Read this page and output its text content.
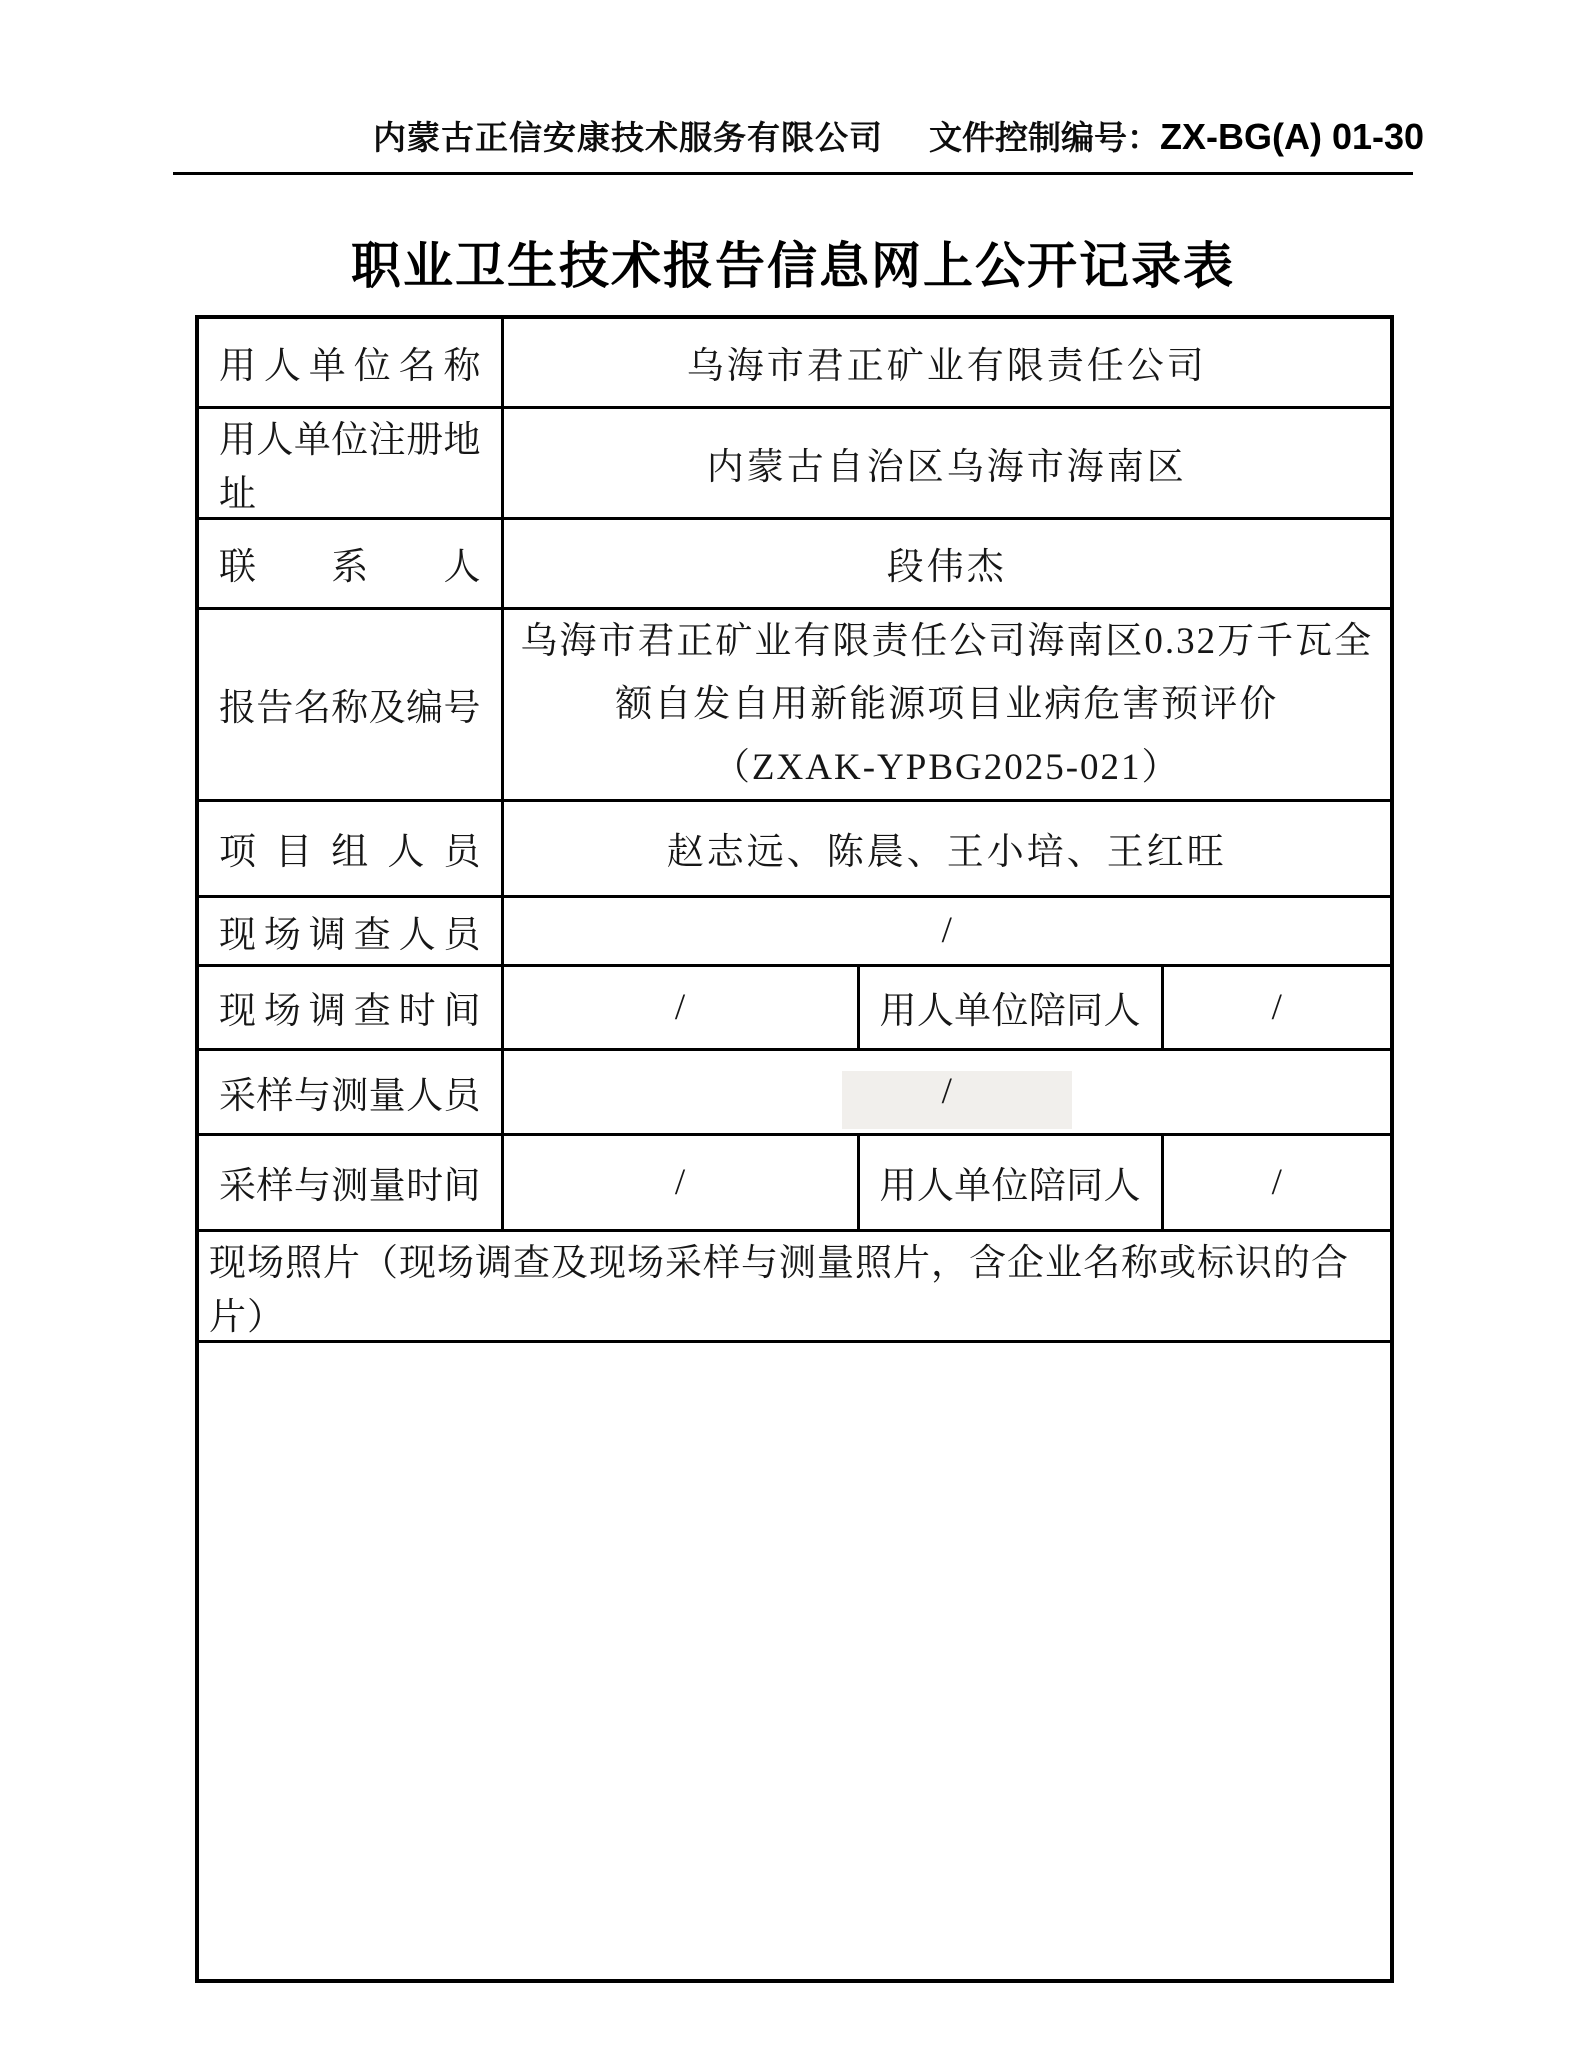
内蒙古正信安康技术服务有限公司 文件控制编号： ZX-BG(A) 01-30
职业卫生技术报告信息网上公开记录表
用人单位名称	乌海市君正矿业有限责任公司		
用人单位注册地址	内蒙古自治区乌海市海南区		
联系人	段伟杰		
报告名称及编号	乌海市君正矿业有限责任公司海南区0.32万千瓦全
额自发自用新能源项目业病危害预评价
（ZXAK-YPBG2025-021）		

项目组人员	赵志远、陈晨、王小培、王红旺		
现场调查人员	/		
现场调查时间	/	用人单位陪同人	/
采样与测量人员	/		
采样与测量时间	/	用人单位陪同人	/
现场照片（现场调查及现场采样与测量照片，含企业名称或标识的合片）			
